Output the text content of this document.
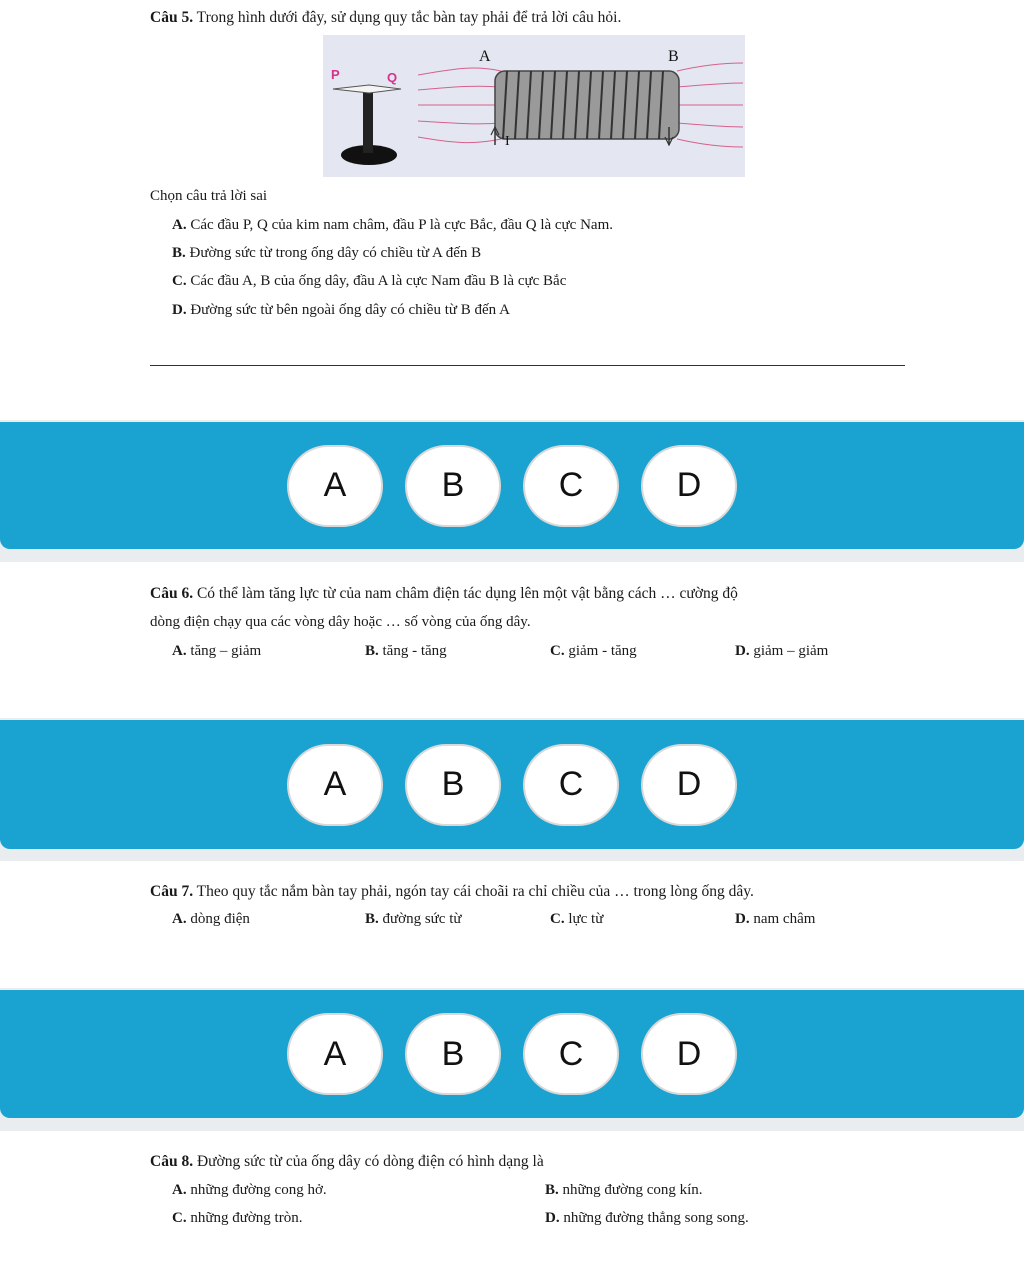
Câu 5. Trong hình dưới đây, sử dụng quy tắc bàn tay phải để trả lời câu hỏi.
P	Q
A	B
I
Chọn câu trả lời sai
A. Các đầu P, Q của kim nam châm, đầu P là cực Bắc, đầu Q là cực Nam.
B. Đường sức từ trong ống dây có chiều từ A đến B
C. Các đầu A, B của ống dây, đầu A là cực Nam đầu B là cực Bắc
D. Đường sức từ bên ngoài ống dây có chiều từ B đến A
A	B	C	D
Câu 6. Có thể làm tăng lực từ của nam châm điện tác dụng lên một vật bằng cách … cường độ
dòng điện chạy qua các vòng dây hoặc … số vòng của ống dây.
A. tăng – giảm	B. tăng - tăng	C. giảm - tăng	D. giảm – giảm
A	B	C	D
Câu 7. Theo quy tắc nắm bàn tay phải, ngón tay cái choãi ra chỉ chiều của … trong lòng ống dây.
A. dòng điện	B. đường sức từ	C. lực từ	D. nam châm
A	B	C	D
Câu 8. Đường sức từ của ống dây có dòng điện có hình dạng là
A. những đường cong hở.	B. những đường cong kín.
C. những đường tròn.	D. những đường thẳng song song.
